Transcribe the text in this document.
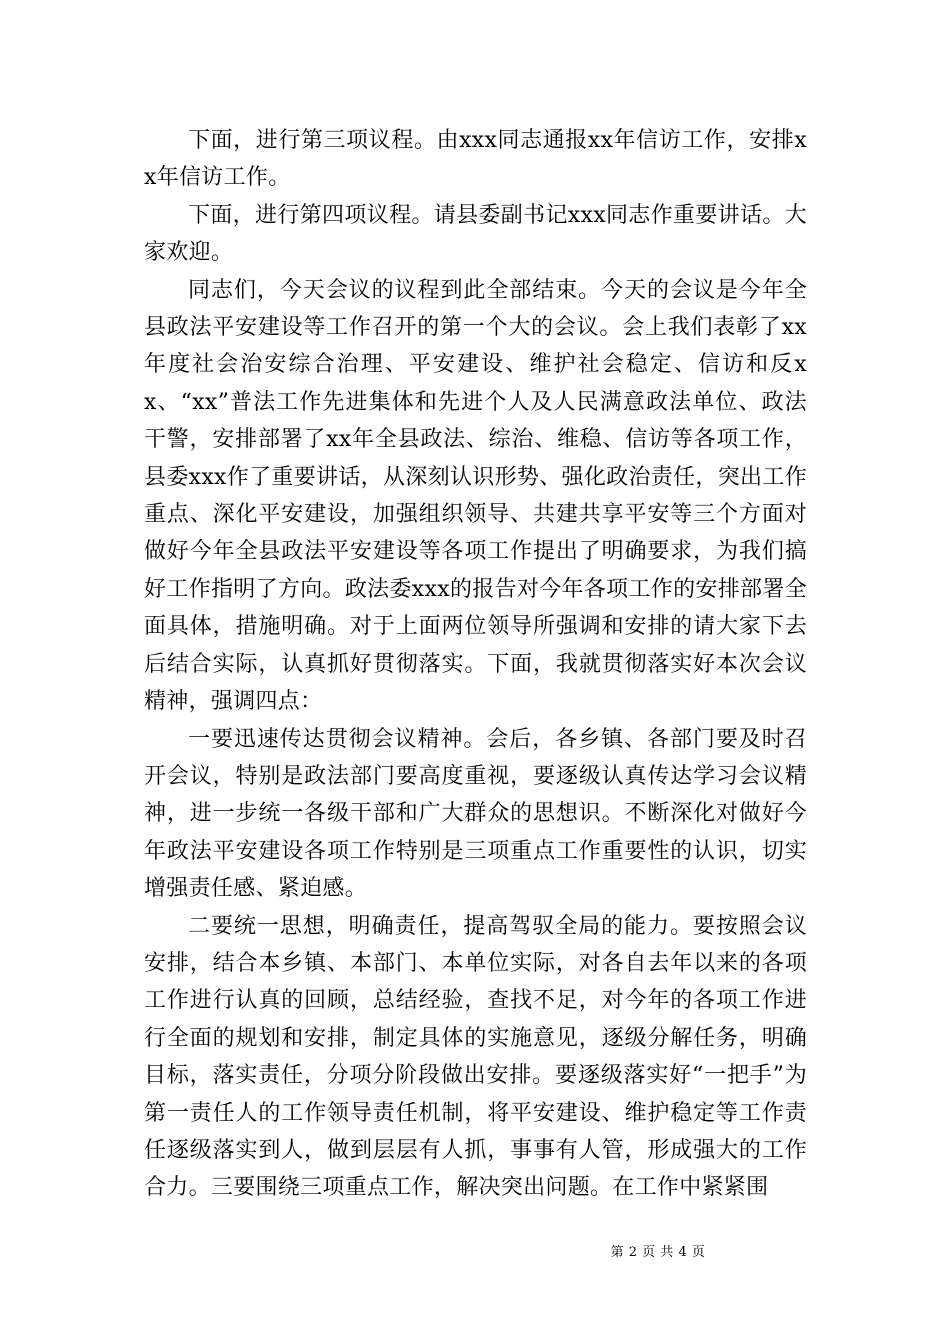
下面，进行第三项议程。由xxx同志通报xx年信访工作，安排xx年信访工作。

下面，进行第四项议程。请县委副书记xxx同志作重要讲话。大家欢迎。

同志们，今天会议的议程到此全部结束。今天的会议是今年全县政法平安建设等工作召开的第一个大的会议。会上我们表彰了xx年度社会治安综合治理、平安建设、维护社会稳定、信访和反xx、“xx”普法工作先进集体和先进个人及人民满意政法单位、政法干警，安排部署了xx年全县政法、综治、维稳、信访等各项工作，县委xxx作了重要讲话，从深刻认识形势、强化政治责任，突出工作重点、深化平安建设，加强组织领导、共建共享平安等三个方面对做好今年全县政法平安建设等各项工作提出了明确要求，为我们搞好工作指明了方向。政法委xxx的报告对今年各项工作的安排部署全面具体，措施明确。对于上面两位领导所强调和安排的请大家下去后结合实际，认真抓好贯彻落实。下面，我就贯彻落实好本次会议精神，强调四点：

一要迅速传达贯彻会议精神。会后，各乡镇、各部门要及时召开会议，特别是政法部门要高度重视，要逐级认真传达学习会议精神，进一步统一各级干部和广大群众的思想识。不断深化对做好今年政法平安建设各项工作特别是三项重点工作重要性的认识，切实增强责任感、紧迫感。

二要统一思想，明确责任，提高驾驭全局的能力。要按照会议安排，结合本乡镇、本部门、本单位实际，对各自去年以来的各项工作进行认真的回顾，总结经验，查找不足，对今年的各项工作进行全面的规划和安排，制定具体的实施意见，逐级分解任务，明确目标，落实责任，分项分阶段做出安排。要逐级落实好“一把手”为第一责任人的工作领导责任机制，将平安建设、维护稳定等工作责任逐级落实到人，做到层层有人抓，事事有人管，形成强大的工作合力。三要围绕三项重点工作，解决突出问题。在工作中紧紧围

第 2 页 共 4 页
